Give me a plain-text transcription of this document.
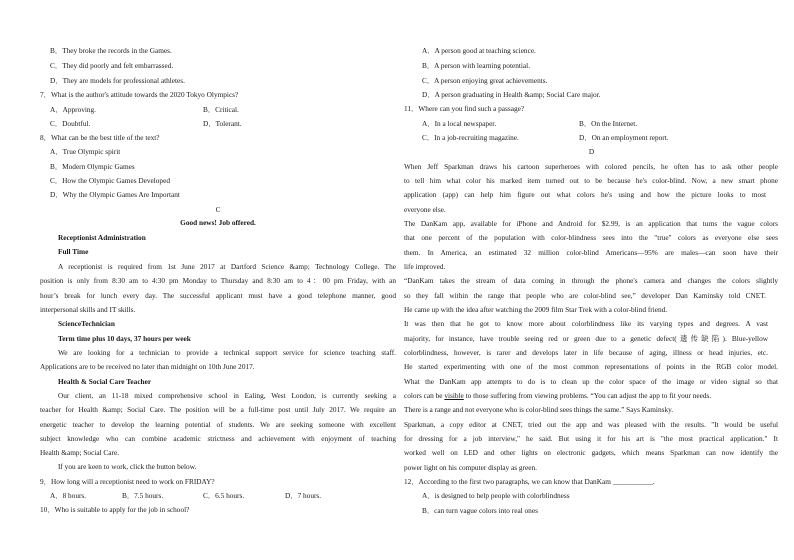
B．They broke the records in the Games.
C．They did poorly and felt embarrassed.
D．They are models for professional athletes.
7．What is the author's attitude towards the 2020 Tokyo Olympics?
A．Approving.	B．Critical.
C．Doubtful.	D．Tolerant.
8．What can be the best title of the text?
A．True Olympic spirit
B．Modern Olympic Games
C．How the Olympic Games Developed
D．Why the Olympic Games Are Important
C
Good news! Job offered.
Receptionist Administration
Full Time
A receptionist is required from 1st June 2017 at Dartford Science &amp; Technology College. The
position is only from 8:30 am to 4:30 pm Monday to Thursday and 8:30 am to 4：00 pm Friday, with an
hour’s break for lunch every day. The successful applicant must have a good telephone manner, good
interpersonal skills and IT skills.
ScienceTechnician
Term time plus 10 days, 37 hours per week
We are looking for a technician to provide a technical support service for science teaching staff.
Applications are to be received no later than midnight on 10th June 2017.
Health & Social Care Teacher
Our client, an 11-18 mixed comprehensive school in Ealing, West London, is currently seeking a
teacher for Health &amp; Social Care. The position will be a full-time post until July 2017. We require an
energetic teacher to develop the learning potential of students. We are seeking someone with excellent
subject knowledge who can combine academic strictness and achievement with enjoyment of teaching
Health &amp; Social Care.
If you are keen to work, click the button below.
9．How long will a receptionist need to work on FRIDAY?
A．8 hours.	B．7.5 hours.	C．6.5 hours.	D．7 hours.
10．Who is suitable to apply for the job in school?
A．A person good at teaching science.
B．A person with learning potential.
C．A person enjoying great achievements.
D．A person graduating in Health &amp; Social Care major.
11．Where can you find such a passage?
A．In a local newspaper.	B．On the Internet.
C．In a job-recruiting magazine.	D．On an employment report.
D
When Jeff Sparkman draws his cartoon superheroes with colored pencils, he often has to ask other people
to tell him what color his marked item turned out to be because he's color-blind. Now, a new smart phone
application (app) can help him figure out what colors he's using and how the picture looks to most
everyone else.
The DanKam app, available for iPhone and Android for $2.99, is an application that turns the vague colors
that one percent of the population with color-blindness sees into the "true" colors as everyone else sees
them. In America, an estimated 32 million color-blind Americans—95% are males—can soon have their
life improved.
“DanKam takes the stream of data coming in through the phone's camera and changes the colors slightly
so they fall within the range that people who are color-blind see,” developer Dan Kaminsky told CNET.
He came up with the idea after watching the 2009 film Star Trek with a color-blind friend.
It was then that he got to know more about colorblindness like its varying types and degrees. A vast
majority, for instance, have trouble seeing red or green due to a genetic defect(遗传缺陷). Blue-yellow
colorblindness, however, is rarer and develops later in life because of aging, illness or head injuries, etc.
He started experimenting with one of the most common representations of points in the RGB color model.
What the DanKam app attempts to do is to clean up the color space of the image or video signal so that
colors can be visible to those suffering from viewing problems. “You can adjust the app to fit your needs.
There is a range and not everyone who is color-blind sees things the same.” Says Kaminsky.
Sparkman, a copy editor at CNET, tried out the app and was pleased with the results. "It would be useful
for dressing for a job interview," he said. But using it for his art is "the most practical application." It
worked well on LED and other lights on electronic gadgets, which means Sparkman can now identify the
power light on his computer display as green.
12．According to the first two paragraphs, we can know that DanKam ___________.
A．is designed to help people with colorblindness
B．can turn vague colors into real ones
